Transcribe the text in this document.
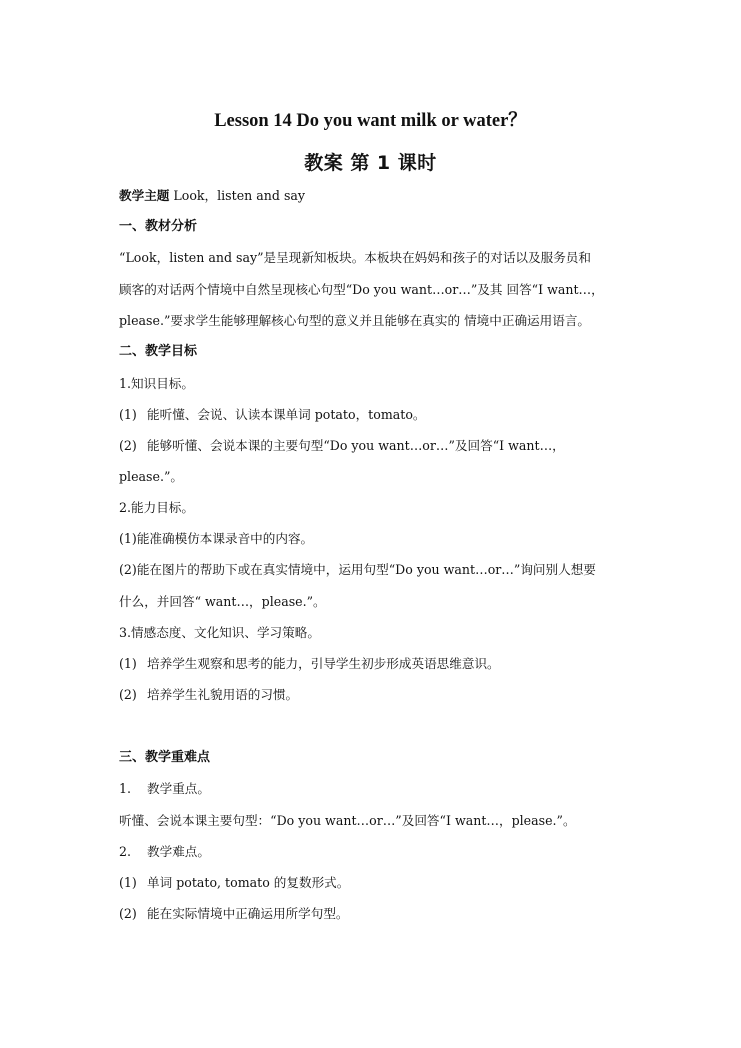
Lesson 14 Do you want milk or water？
教案 第 1 课时
教学主题 Look，listen and say
一、教材分析
“Look，listen and say”是呈现新知板块。本板块在妈妈和孩子的对话以及服务员和
顾客的对话两个情境中自然呈现核心句型“Do you want…or…”及其 回答“I want…，
please.”要求学生能够理解核心句型的意义并且能够在真实的 情境中正确运用语言。
二、教学目标
1.知识目标。
(1) 能听懂、会说、认读本课单词 potato，tomato。
(2) 能够听懂、会说本课的主要句型“Do you want…or…”及回答“I want…，
please.”。
2.能力目标。
(1)能准确模仿本课录音中的内容。
(2)能在图片的帮助下或在真实情境中，运用句型“Do you want…or…”询问别人想要
什么，并回答“ want…，please.”。
3.情感态度、文化知识、学习策略。
(1) 培养学生观察和思考的能力，引导学生初步形成英语思维意识。
(2) 培养学生礼貌用语的习惯。
三、教学重难点
1. 教学重点。
听懂、会说本课主要句型：“Do you want…or…”及回答“I want…，please.”。
2. 教学难点。
(1) 单词 potato, tomato 的复数形式。
(2) 能在实际情境中正确运用所学句型。
